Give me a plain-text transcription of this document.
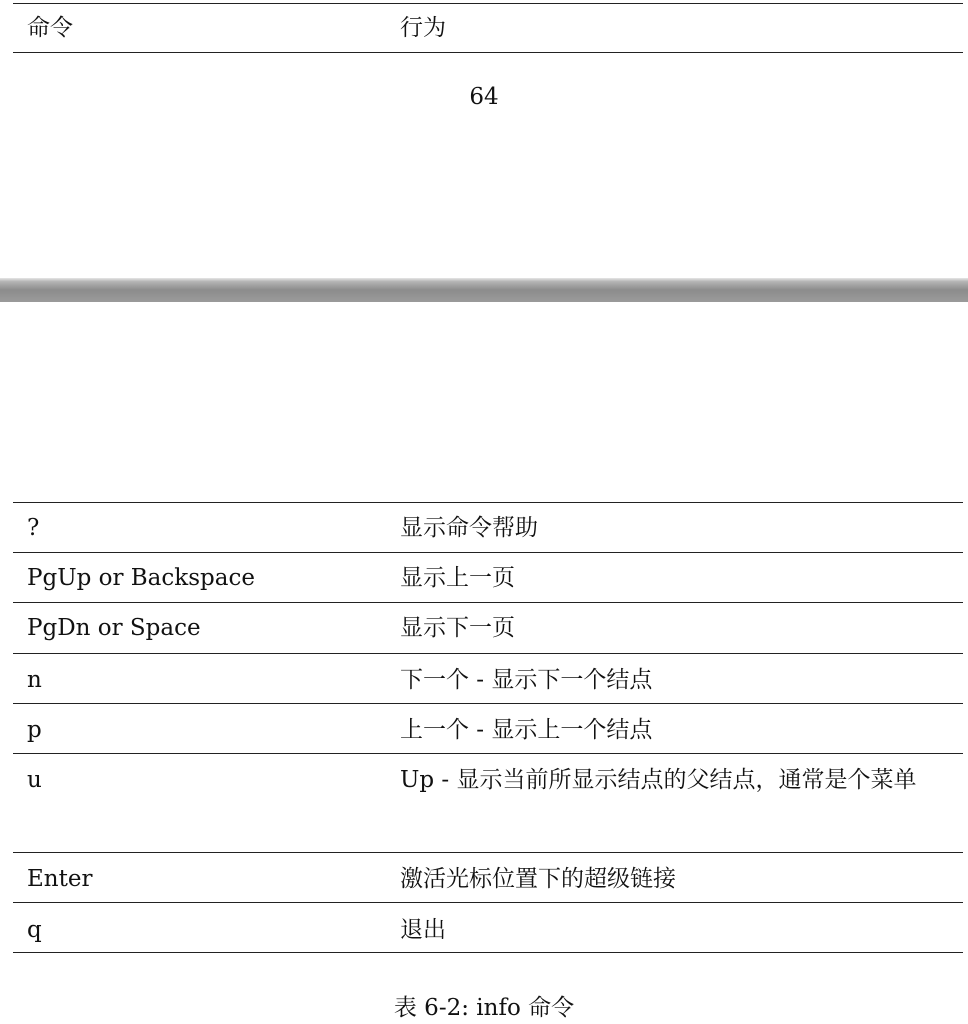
命令	行为
64
?	显示命令帮助
PgUp or Backspace	显示上一页
PgDn or Space	显示下一页
n	下一个 - 显示下一个结点
p	上一个 - 显示上一个结点
u	Up - 显示当前所显示结点的父结点，通常是个菜单
Enter	激活光标位置下的超级链接
q	退出
表 6-2: info 命令
